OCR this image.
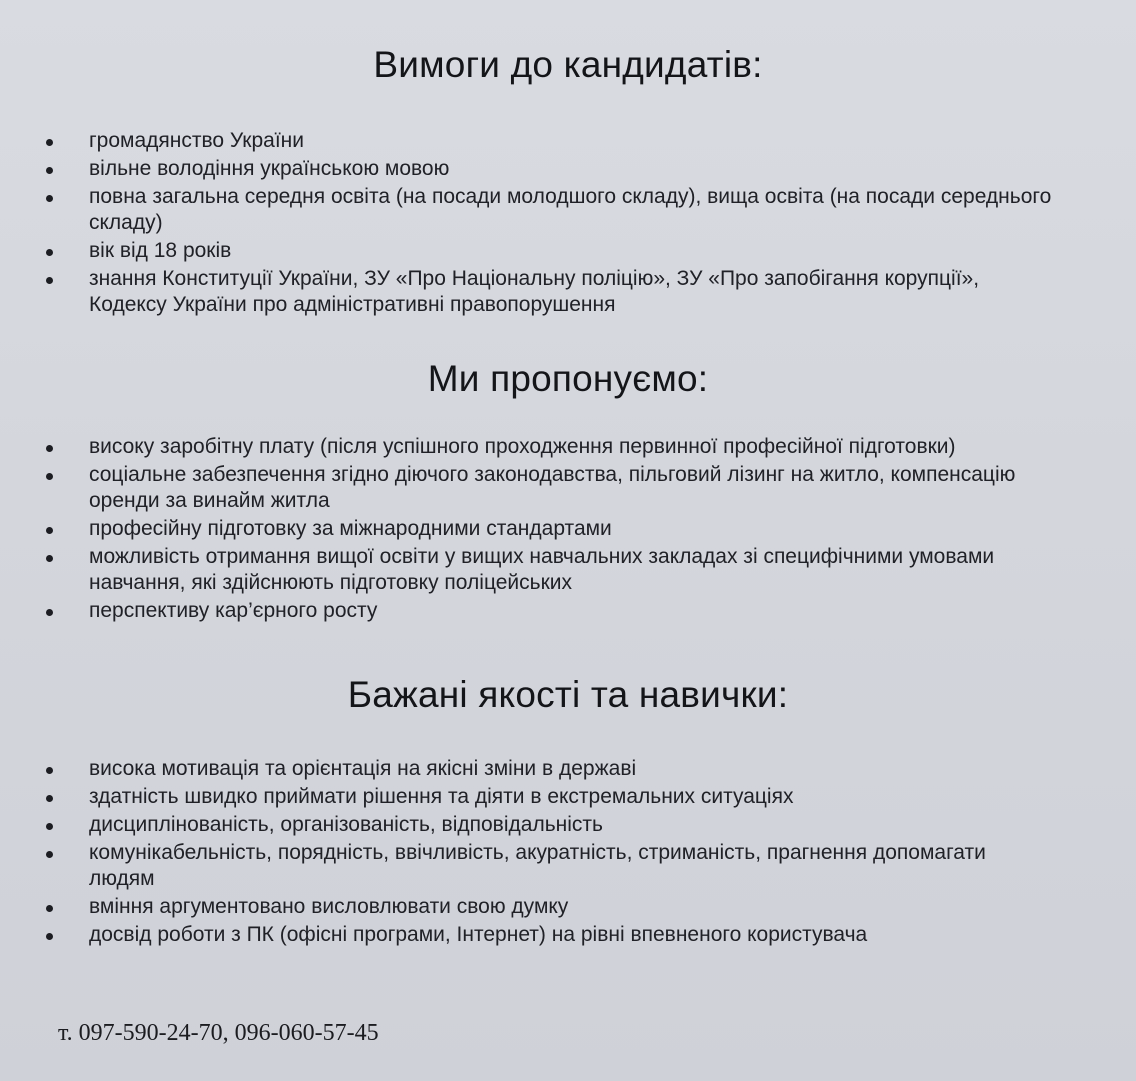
Вимоги до кандидатів:
громадянство України
вільне володіння українською мовою
повна загальна середня освіта (на посади молодшого складу), вища освіта (на посади середнього складу)
вік від 18 років
знання Конституції України, ЗУ «Про Національну поліцію», ЗУ «Про запобігання корупції», Кодексу України про адміністративні правопорушення
Ми пропонуємо:
високу заробітну плату (після успішного проходження первинної професійної підготовки)
соціальне забезпечення згідно діючого законодавства, пільговий лізинг на житло, компенсацію оренди за винайм житла
професійну підготовку за міжнародними стандартами
можливість отримання вищої освіти у вищих навчальних закладах зі специфічними умовами навчання, які здійснюють підготовку поліцейських
перспективу кар’єрного росту
Бажані якості та навички:
висока мотивація та орієнтація на якісні зміни в державі
здатність швидко приймати рішення та діяти в екстремальних ситуаціях
дисциплінованість, організованість, відповідальність
комунікабельність, порядність, ввічливість, акуратність, стриманість, прагнення допомагати людям
вміння аргументовано висловлювати свою думку
досвід роботи з ПК (офісні програми, Інтернет) на рівні впевненого користувача
т. 097-590-24-70, 096-060-57-45
